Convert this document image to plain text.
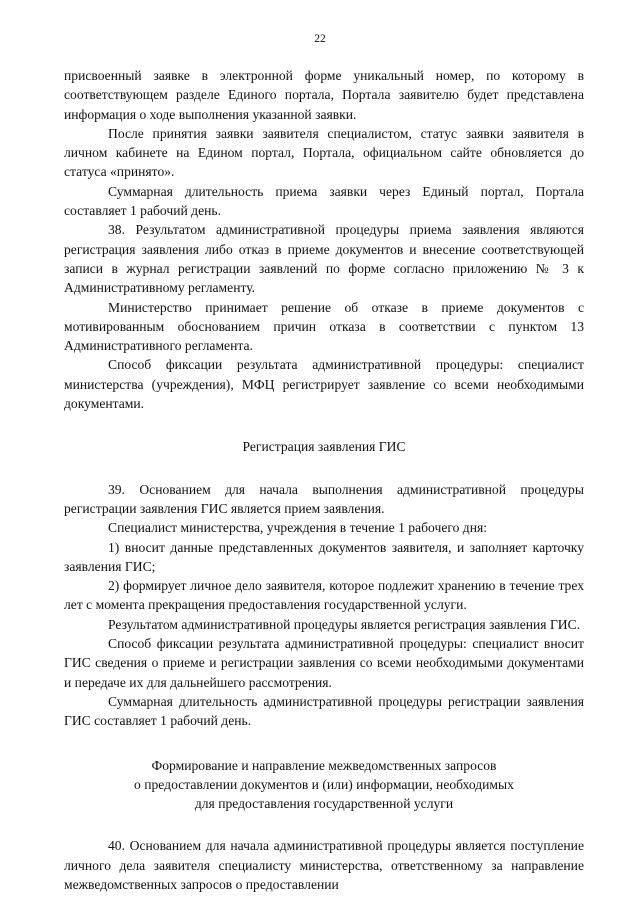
22

присвоенный заявке в электронной форме уникальный номер, по которому в соответствующем разделе Единого портала, Портала заявителю будет представлена информация о ходе выполнения указанной заявки.

После принятия заявки заявителя специалистом, статус заявки заявителя в личном кабинете на Едином портал, Портала, официальном сайте обновляется до статуса «принято».

Суммарная длительность приема заявки через Единый портал, Портала составляет 1 рабочий день.

38. Результатом административной процедуры приема заявления являются регистрация заявления либо отказ в приеме документов и внесение соответствующей записи в журнал регистрации заявлений по форме согласно приложению № 3 к Административному регламенту.

Министерство принимает решение об отказе в приеме документов с мотивированным обоснованием причин отказа в соответствии с пунктом 13 Административного регламента.

Способ фиксации результата административной процедуры: специалист министерства (учреждения), МФЦ регистрирует заявление со всеми необходимыми документами.

Регистрация заявления ГИС

39. Основанием для начала выполнения административной процедуры регистрации заявления ГИС является прием заявления.

Специалист министерства, учреждения в течение 1 рабочего дня:

1) вносит данные представленных документов заявителя, и заполняет карточку заявления ГИС;

2) формирует личное дело заявителя, которое подлежит хранению в течение трех лет с момента прекращения предоставления государственной услуги.

Результатом административной процедуры является регистрация заявления ГИС.

Способ фиксации результата административной процедуры: специалист вносит ГИС сведения о приеме и регистрации заявления со всеми необходимыми документами и передаче их для дальнейшего рассмотрения.

Суммарная длительность административной процедуры регистрации заявления ГИС составляет 1 рабочий день.

Формирование и направление межведомственных запросов
о предоставлении документов и (или) информации, необходимых
для предоставления государственной услуги

40. Основанием для начала административной процедуры является поступление личного дела заявителя специалисту министерства, ответственному за направление межведомственных запросов о предоставлении
